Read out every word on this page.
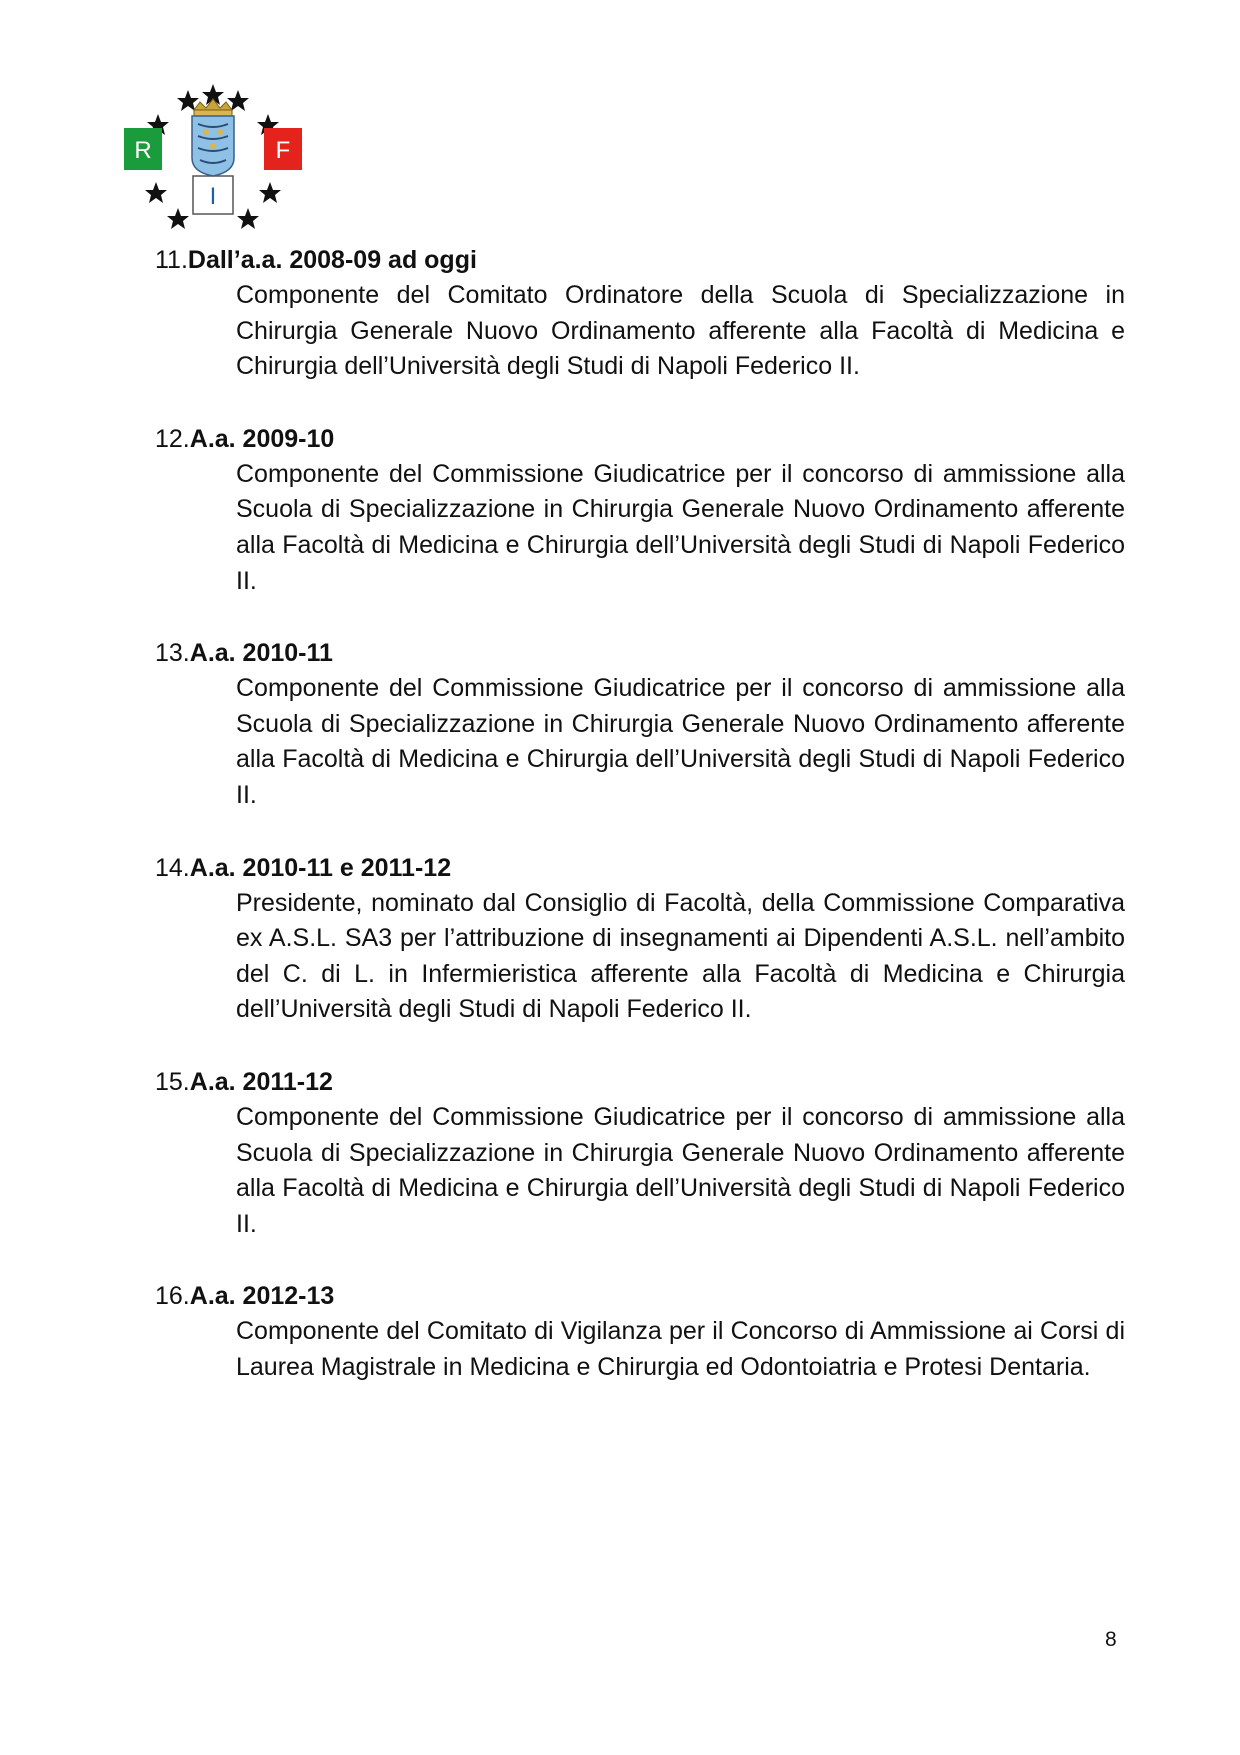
R	F
I
11.Dall’a.a. 2008-09 ad oggi
Componente del Comitato Ordinatore della Scuola di Specializzazione in Chirurgia Generale Nuovo Ordinamento afferente alla Facoltà di Medicina e Chirurgia dell’Università degli Studi di Napoli Federico II.
12.A.a. 2009-10
Componente del Commissione Giudicatrice per il concorso di ammissione alla Scuola di Specializzazione in Chirurgia Generale Nuovo Ordinamento afferente alla Facoltà di Medicina e Chirurgia dell’Università degli Studi di Napoli Federico II.
13.A.a. 2010-11
Componente del Commissione Giudicatrice per il concorso di ammissione alla Scuola di Specializzazione in Chirurgia Generale Nuovo Ordinamento afferente alla Facoltà di Medicina e Chirurgia dell’Università degli Studi di Napoli Federico II.
14.A.a. 2010-11 e 2011-12
Presidente, nominato dal Consiglio di Facoltà, della Commissione Comparativa ex A.S.L. SA3 per l’attribuzione di insegnamenti ai Dipendenti A.S.L. nell’ambito del C. di L. in Infermieristica afferente alla Facoltà di Medicina e Chirurgia dell’Università degli Studi di Napoli Federico II.
15.A.a. 2011-12
Componente del Commissione Giudicatrice per il concorso di ammissione alla Scuola di Specializzazione in Chirurgia Generale Nuovo Ordinamento afferente alla Facoltà di Medicina e Chirurgia dell’Università degli Studi di Napoli Federico II.
16.A.a. 2012-13
Componente del Comitato di Vigilanza per il Concorso di Ammissione ai Corsi di Laurea Magistrale in Medicina e Chirurgia ed Odontoiatria e Protesi Dentaria.
8
